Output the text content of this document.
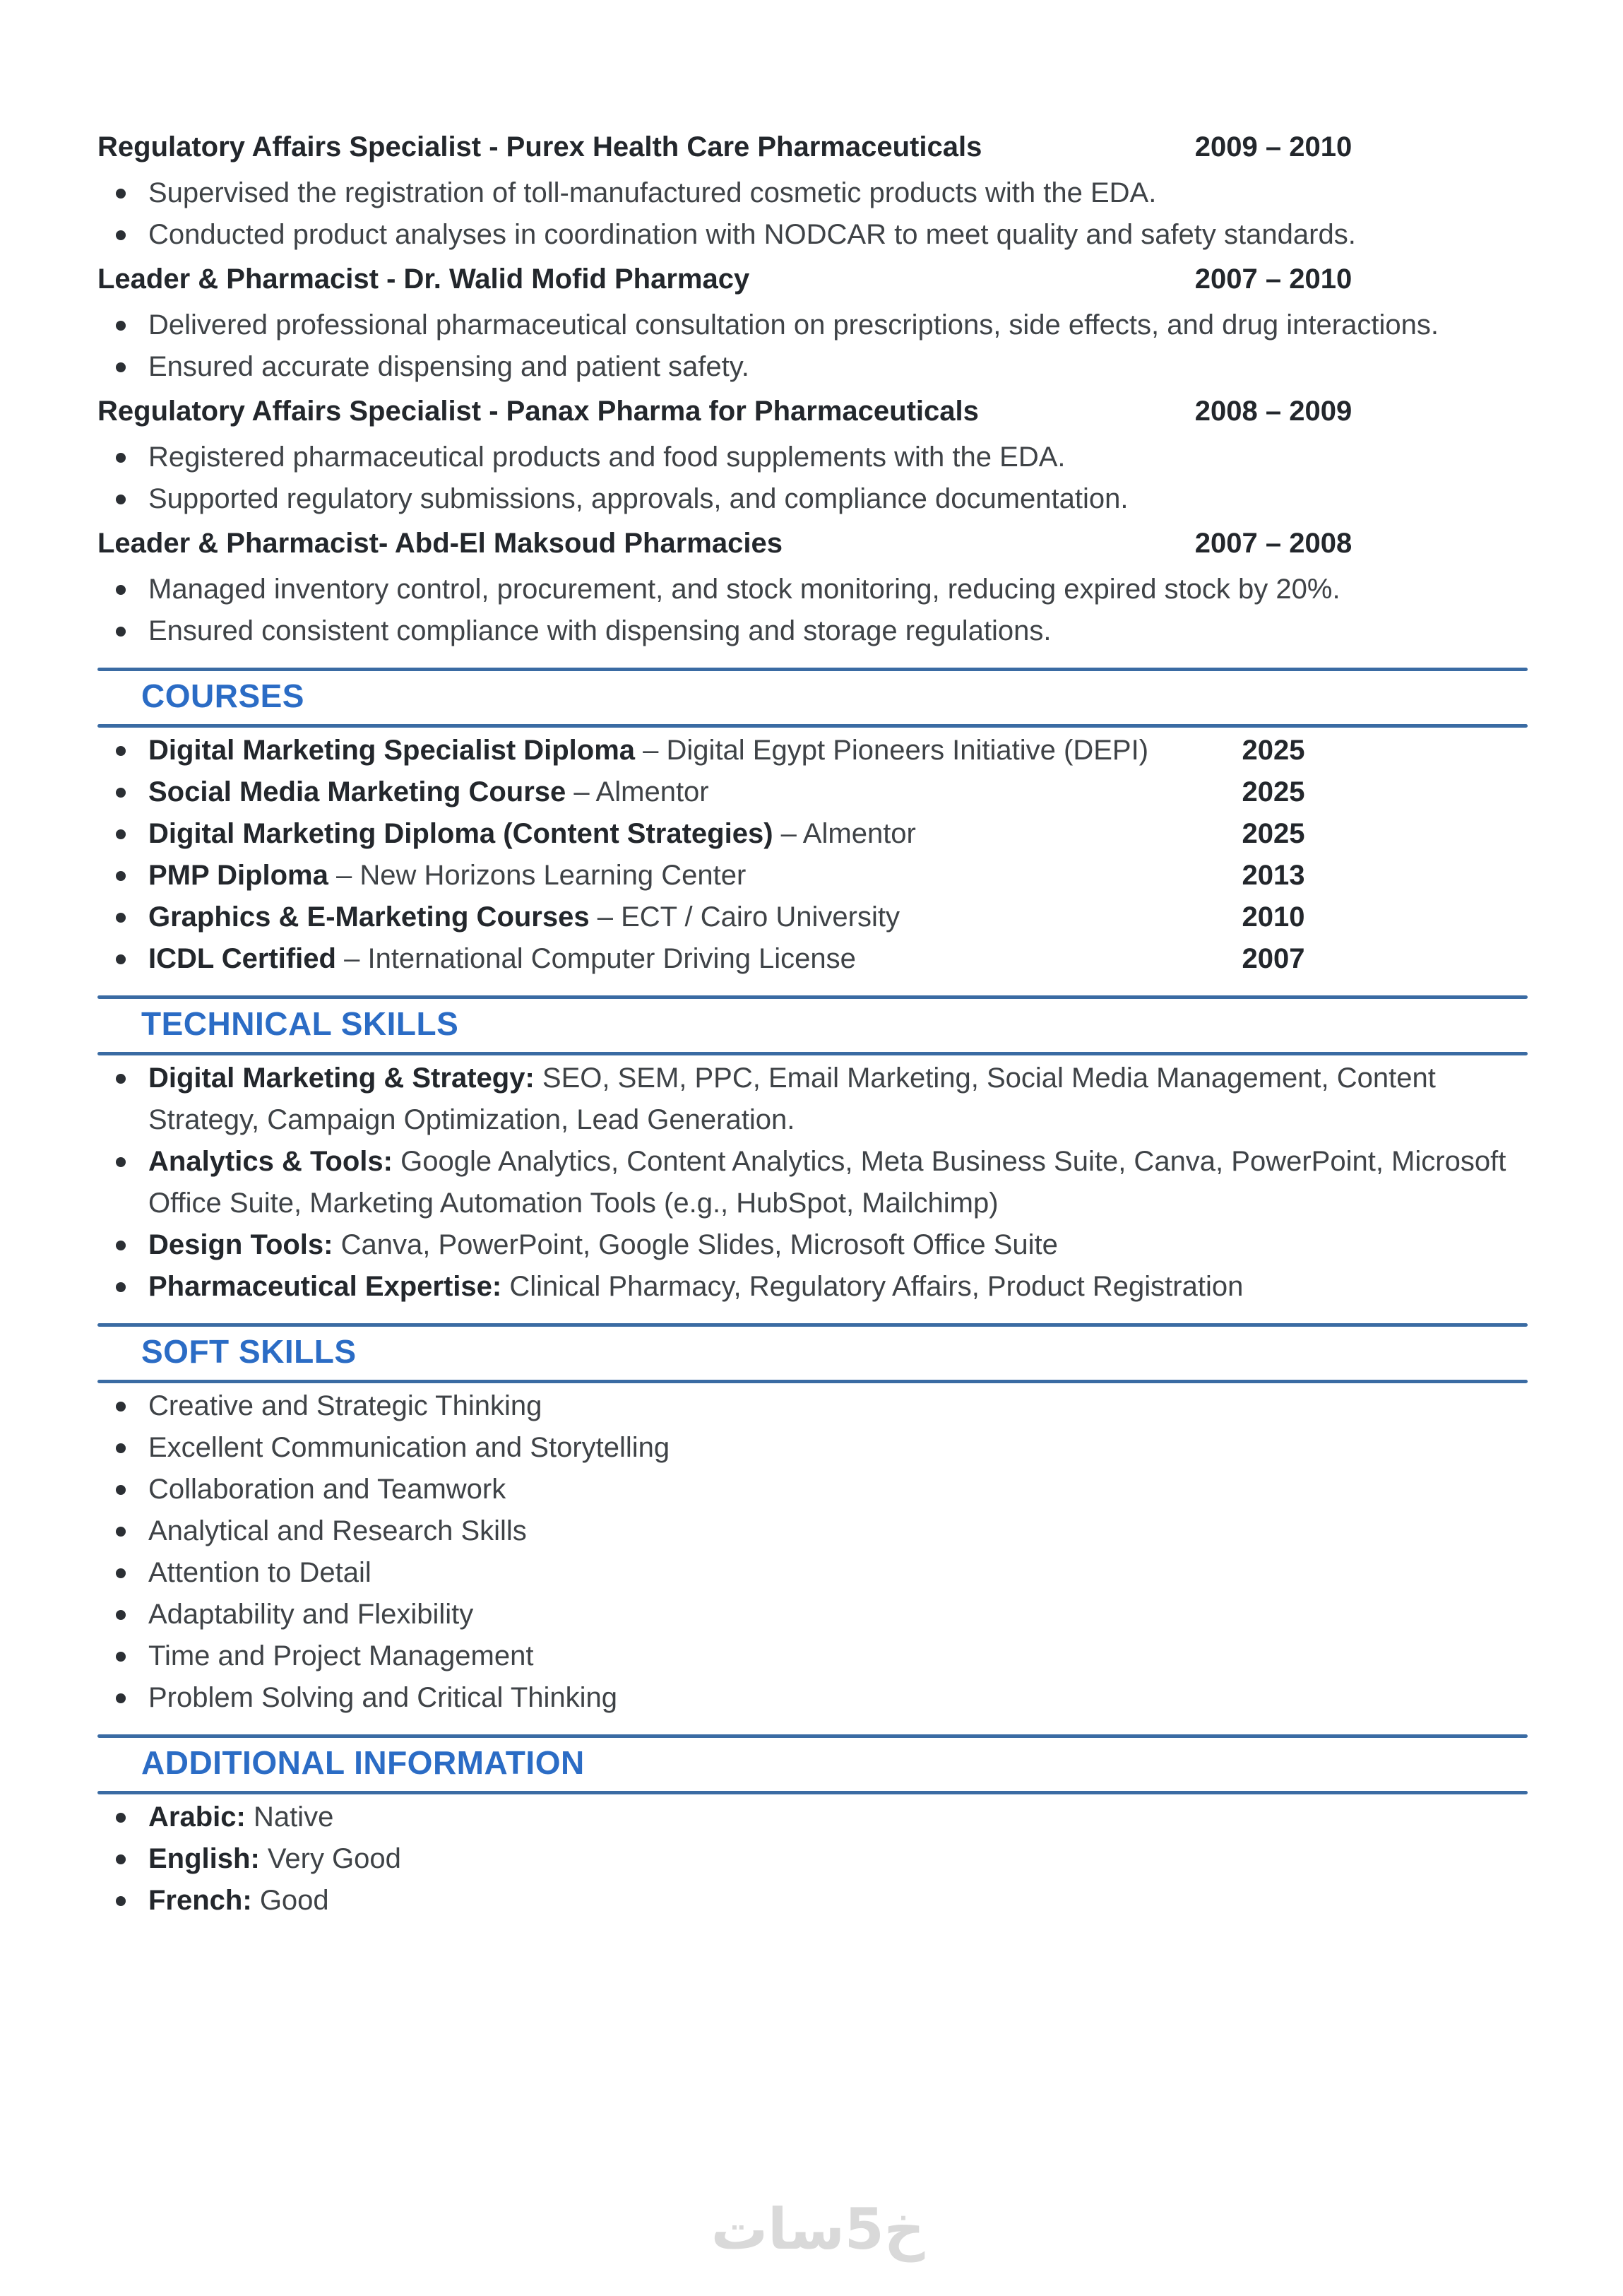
Regulatory Affairs Specialist - Purex Health Care Pharmaceuticals	2009 – 2010
Supervised the registration of toll-manufactured cosmetic products with the EDA.
Conducted product analyses in coordination with NODCAR to meet quality and safety standards.
Leader & Pharmacist - Dr. Walid Mofid Pharmacy	2007 – 2010
Delivered professional pharmaceutical consultation on prescriptions, side effects, and drug interactions.
Ensured accurate dispensing and patient safety.
Regulatory Affairs Specialist - Panax Pharma for Pharmaceuticals	2008 – 2009
Registered pharmaceutical products and food supplements with the EDA.
Supported regulatory submissions, approvals, and compliance documentation.
Leader & Pharmacist- Abd-El Maksoud Pharmacies	2007 – 2008
Managed inventory control, procurement, and stock monitoring, reducing expired stock by 20%.
Ensured consistent compliance with dispensing and storage regulations.
COURSES
Digital Marketing Specialist Diploma – Digital Egypt Pioneers Initiative (DEPI)	2025
Social Media Marketing Course – Almentor	2025
Digital Marketing Diploma (Content Strategies) – Almentor	2025
PMP Diploma – New Horizons Learning Center	2013
Graphics & E-Marketing Courses – ECT / Cairo University	2010
ICDL Certified – International Computer Driving License	2007
TECHNICAL SKILLS
Digital Marketing & Strategy: SEO, SEM, PPC, Email Marketing, Social Media Management, Content Strategy, Campaign Optimization, Lead Generation.
Analytics & Tools: Google Analytics, Content Analytics, Meta Business Suite, Canva, PowerPoint, Microsoft Office Suite, Marketing Automation Tools (e.g., HubSpot, Mailchimp)
Design Tools: Canva, PowerPoint, Google Slides, Microsoft Office Suite
Pharmaceutical Expertise: Clinical Pharmacy, Regulatory Affairs, Product Registration
SOFT SKILLS
Creative and Strategic Thinking
Excellent Communication and Storytelling
Collaboration and Teamwork
Analytical and Research Skills
Attention to Detail
Adaptability and Flexibility
Time and Project Management
Problem Solving and Critical Thinking
ADDITIONAL INFORMATION
Arabic: Native
English: Very Good
French: Good
خ5سات
